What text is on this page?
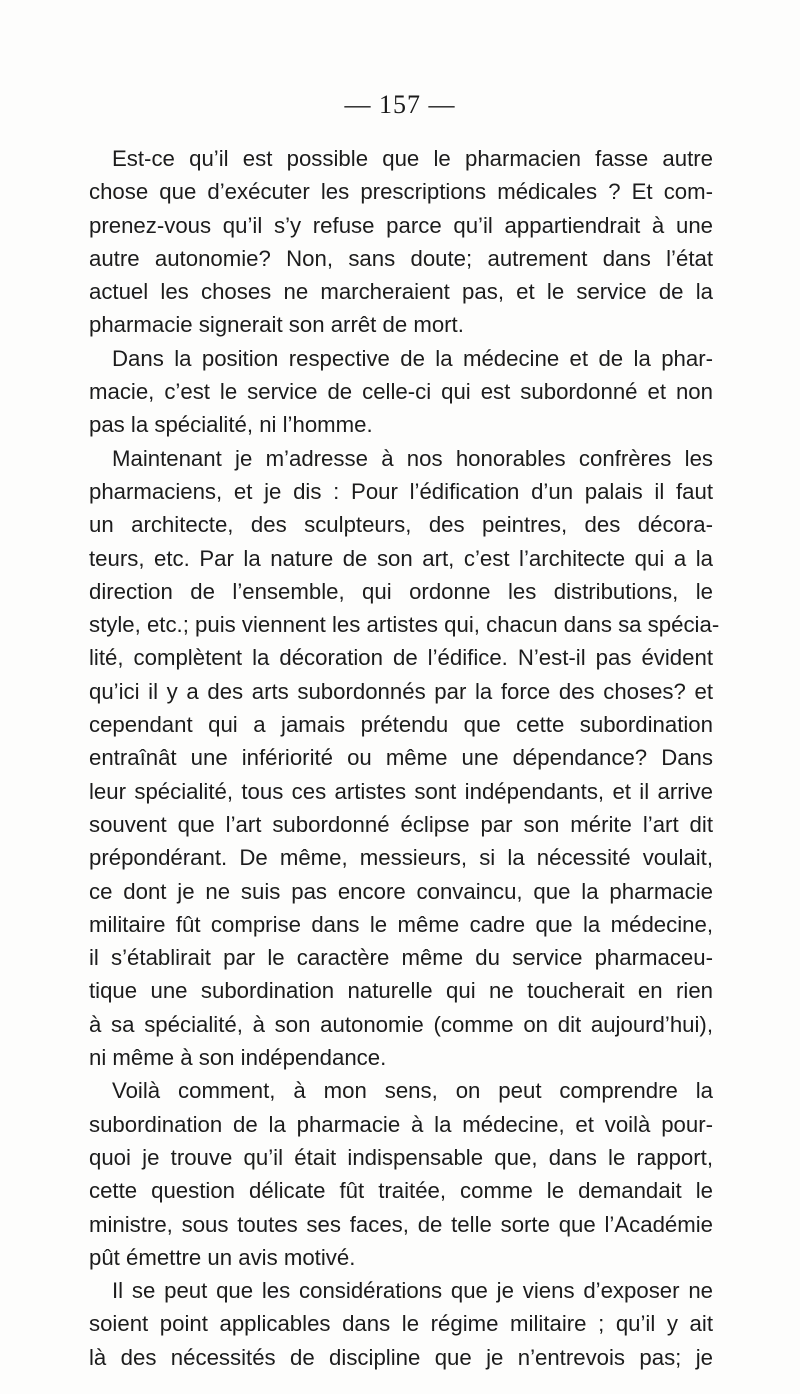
— 157 —
Est-ce qu’il est possible que le pharmacien fasse autre
chose que d’exécuter les prescriptions médicales ? Et com-
prenez-vous qu’il s’y refuse parce qu’il appartiendrait à une
autre autonomie? Non, sans doute; autrement dans l’état
actuel les choses ne marcheraient pas, et le service de la
pharmacie signerait son arrêt de mort.
Dans la position respective de la médecine et de la phar-
macie, c’est le service de celle-ci qui est subordonné et non
pas la spécialité, ni l’homme.
Maintenant je m’adresse à nos honorables confrères les
pharmaciens, et je dis : Pour l’édification d’un palais il faut
un architecte, des sculpteurs, des peintres, des décora-
teurs, etc. Par la nature de son art, c’est l’architecte qui a la
direction de l’ensemble, qui ordonne les distributions, le
style, etc.; puis viennent les artistes qui, chacun dans sa spécia-
lité, complètent la décoration de l’édifice. N’est-il pas évident
qu’ici il y a des arts subordonnés par la force des choses? et
cependant qui a jamais prétendu que cette subordination
entraînât une infériorité ou même une dépendance? Dans
leur spécialité, tous ces artistes sont indépendants, et il arrive
souvent que l’art subordonné éclipse par son mérite l’art dit
prépondérant. De même, messieurs, si la nécessité voulait,
ce dont je ne suis pas encore convaincu, que la pharmacie
militaire fût comprise dans le même cadre que la médecine,
il s’établirait par le caractère même du service pharmaceu-
tique une subordination naturelle qui ne toucherait en rien
à sa spécialité, à son autonomie (comme on dit aujourd’hui),
ni même à son indépendance.
Voilà comment, à mon sens, on peut comprendre la
subordination de la pharmacie à la médecine, et voilà pour-
quoi je trouve qu’il était indispensable que, dans le rapport,
cette question délicate fût traitée, comme le demandait le
ministre, sous toutes ses faces, de telle sorte que l’Académie
pût émettre un avis motivé.
Il se peut que les considérations que je viens d’exposer ne
soient point applicables dans le régime militaire ; qu’il y ait
là des nécessités de discipline que je n’entrevois pas; je
